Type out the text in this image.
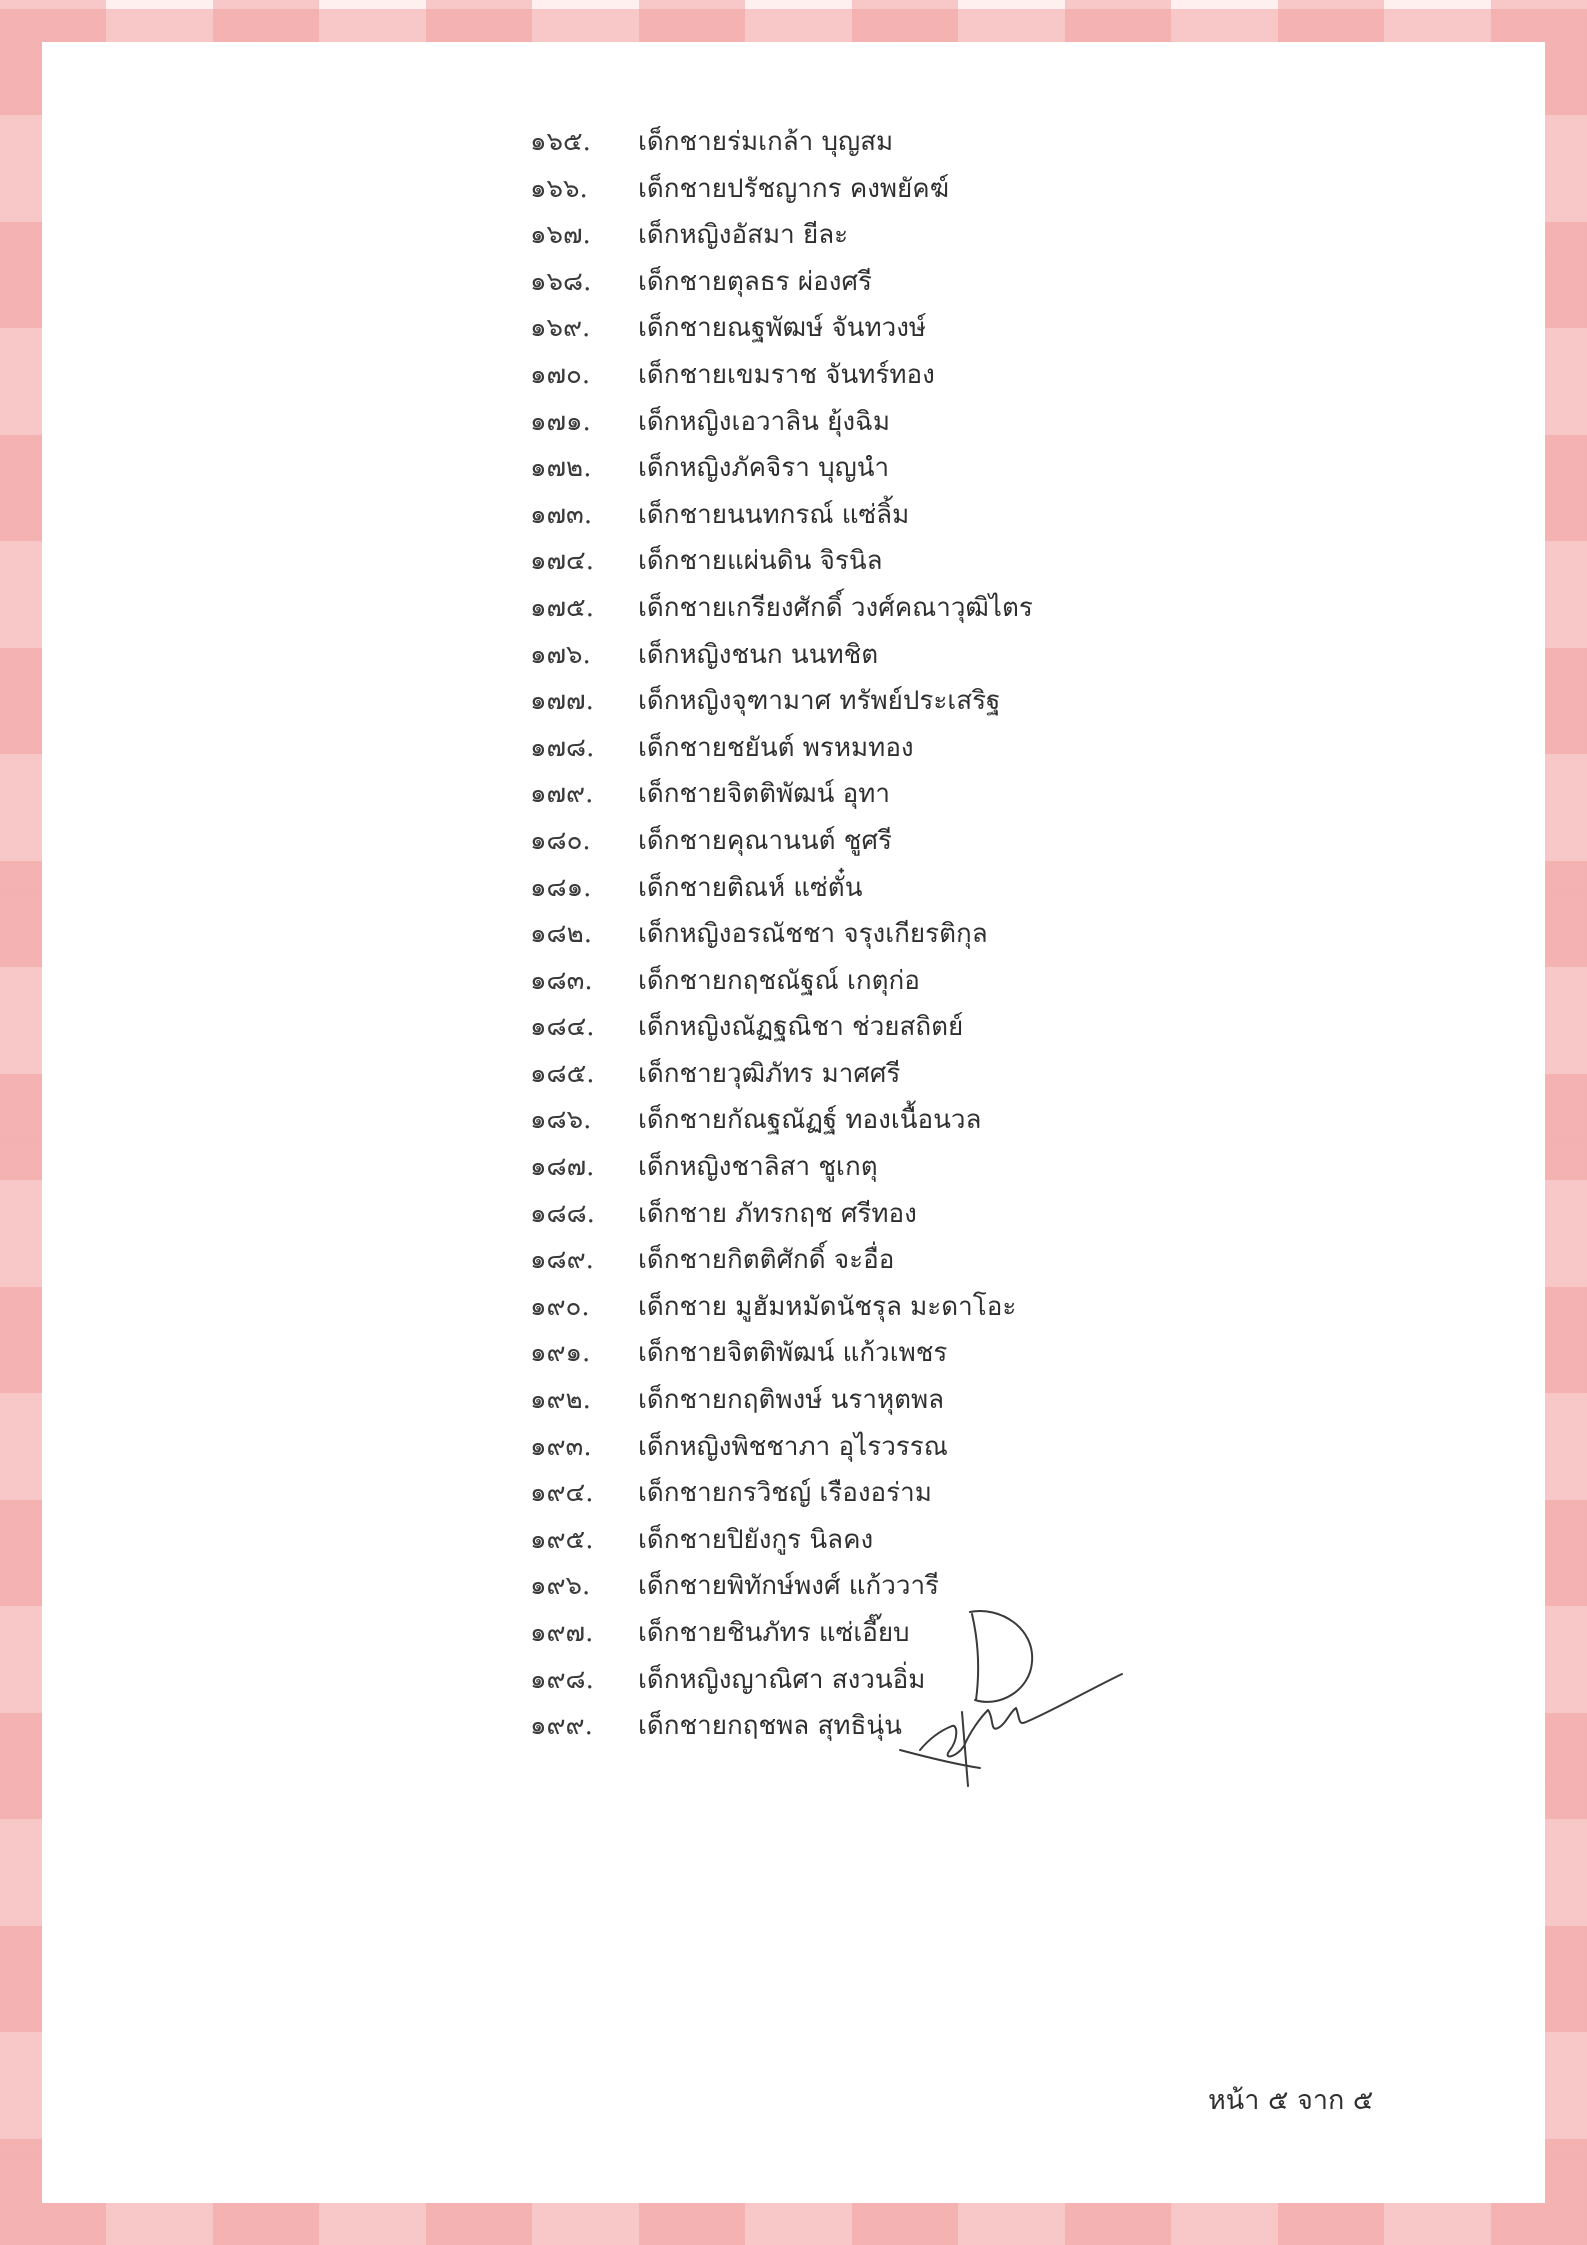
๑๖๕. เด็กชายร่มเกล้า บุญสม
๑๖๖. เด็กชายปรัชญากร คงพยัคฆ์
๑๖๗. เด็กหญิงอัสมา ยีละ
๑๖๘. เด็กชายตุลธร ผ่องศรี
๑๖๙. เด็กชายณฐพัฒษ์ จันทวงษ์
๑๗๐. เด็กชายเขมราช จันทร์ทอง
๑๗๑. เด็กหญิงเอวาลิน ยุ้งฉิม
๑๗๒. เด็กหญิงภัคจิรา บุญนำ
๑๗๓. เด็กชายนนทกรณ์ แซ่ลิ้ม
๑๗๔. เด็กชายแผ่นดิน จิรนิล
๑๗๕. เด็กชายเกรียงศักดิ์ วงศ์คณาวุฒิไตร
๑๗๖. เด็กหญิงชนก นนทชิต
๑๗๗. เด็กหญิงจุฑามาศ ทรัพย์ประเสริฐ
๑๗๘. เด็กชายชยันต์ พรหมทอง
๑๗๙. เด็กชายจิตติพัฒน์ อุทา
๑๘๐. เด็กชายคุณานนต์ ชูศรี
๑๘๑. เด็กชายติณห์ แซ่ตั๋น
๑๘๒. เด็กหญิงอรณัชชา จรุงเกียรติกุล
๑๘๓. เด็กชายกฤชณัฐณ์ เกตุก่อ
๑๘๔. เด็กหญิงณัฏฐณิชา ช่วยสถิตย์
๑๘๕. เด็กชายวุฒิภัทร มาศศรี
๑๘๖. เด็กชายกัณฐณัฏฐ์ ทองเนื้อนวล
๑๘๗. เด็กหญิงชาลิสา ชูเกตุ
๑๘๘. เด็กชาย ภัทรกฤช ศรีทอง
๑๘๙. เด็กชายกิตติศักดิ์ จะอื่อ
๑๙๐. เด็กชาย มูฮัมหมัดนัชรุล มะดาโอะ
๑๙๑. เด็กชายจิตติพัฒน์ แก้วเพชร
๑๙๒. เด็กชายกฤติพงษ์ นราหุตพล
๑๙๓. เด็กหญิงพิชชาภา อุไรวรรณ
๑๙๔. เด็กชายกรวิชญ์ เรืองอร่าม
๑๙๕. เด็กชายปิยังกูร นิลคง
๑๙๖. เด็กชายพิทักษ์พงศ์ แก้ววารี
๑๙๗. เด็กชายชินภัทร แซ่เอี๊ยบ
๑๙๘. เด็กหญิงญาณิศา สงวนอิ่ม
๑๙๙. เด็กชายกฤชพล สุทธินุ่น
หน้า ๕ จาก ๕
